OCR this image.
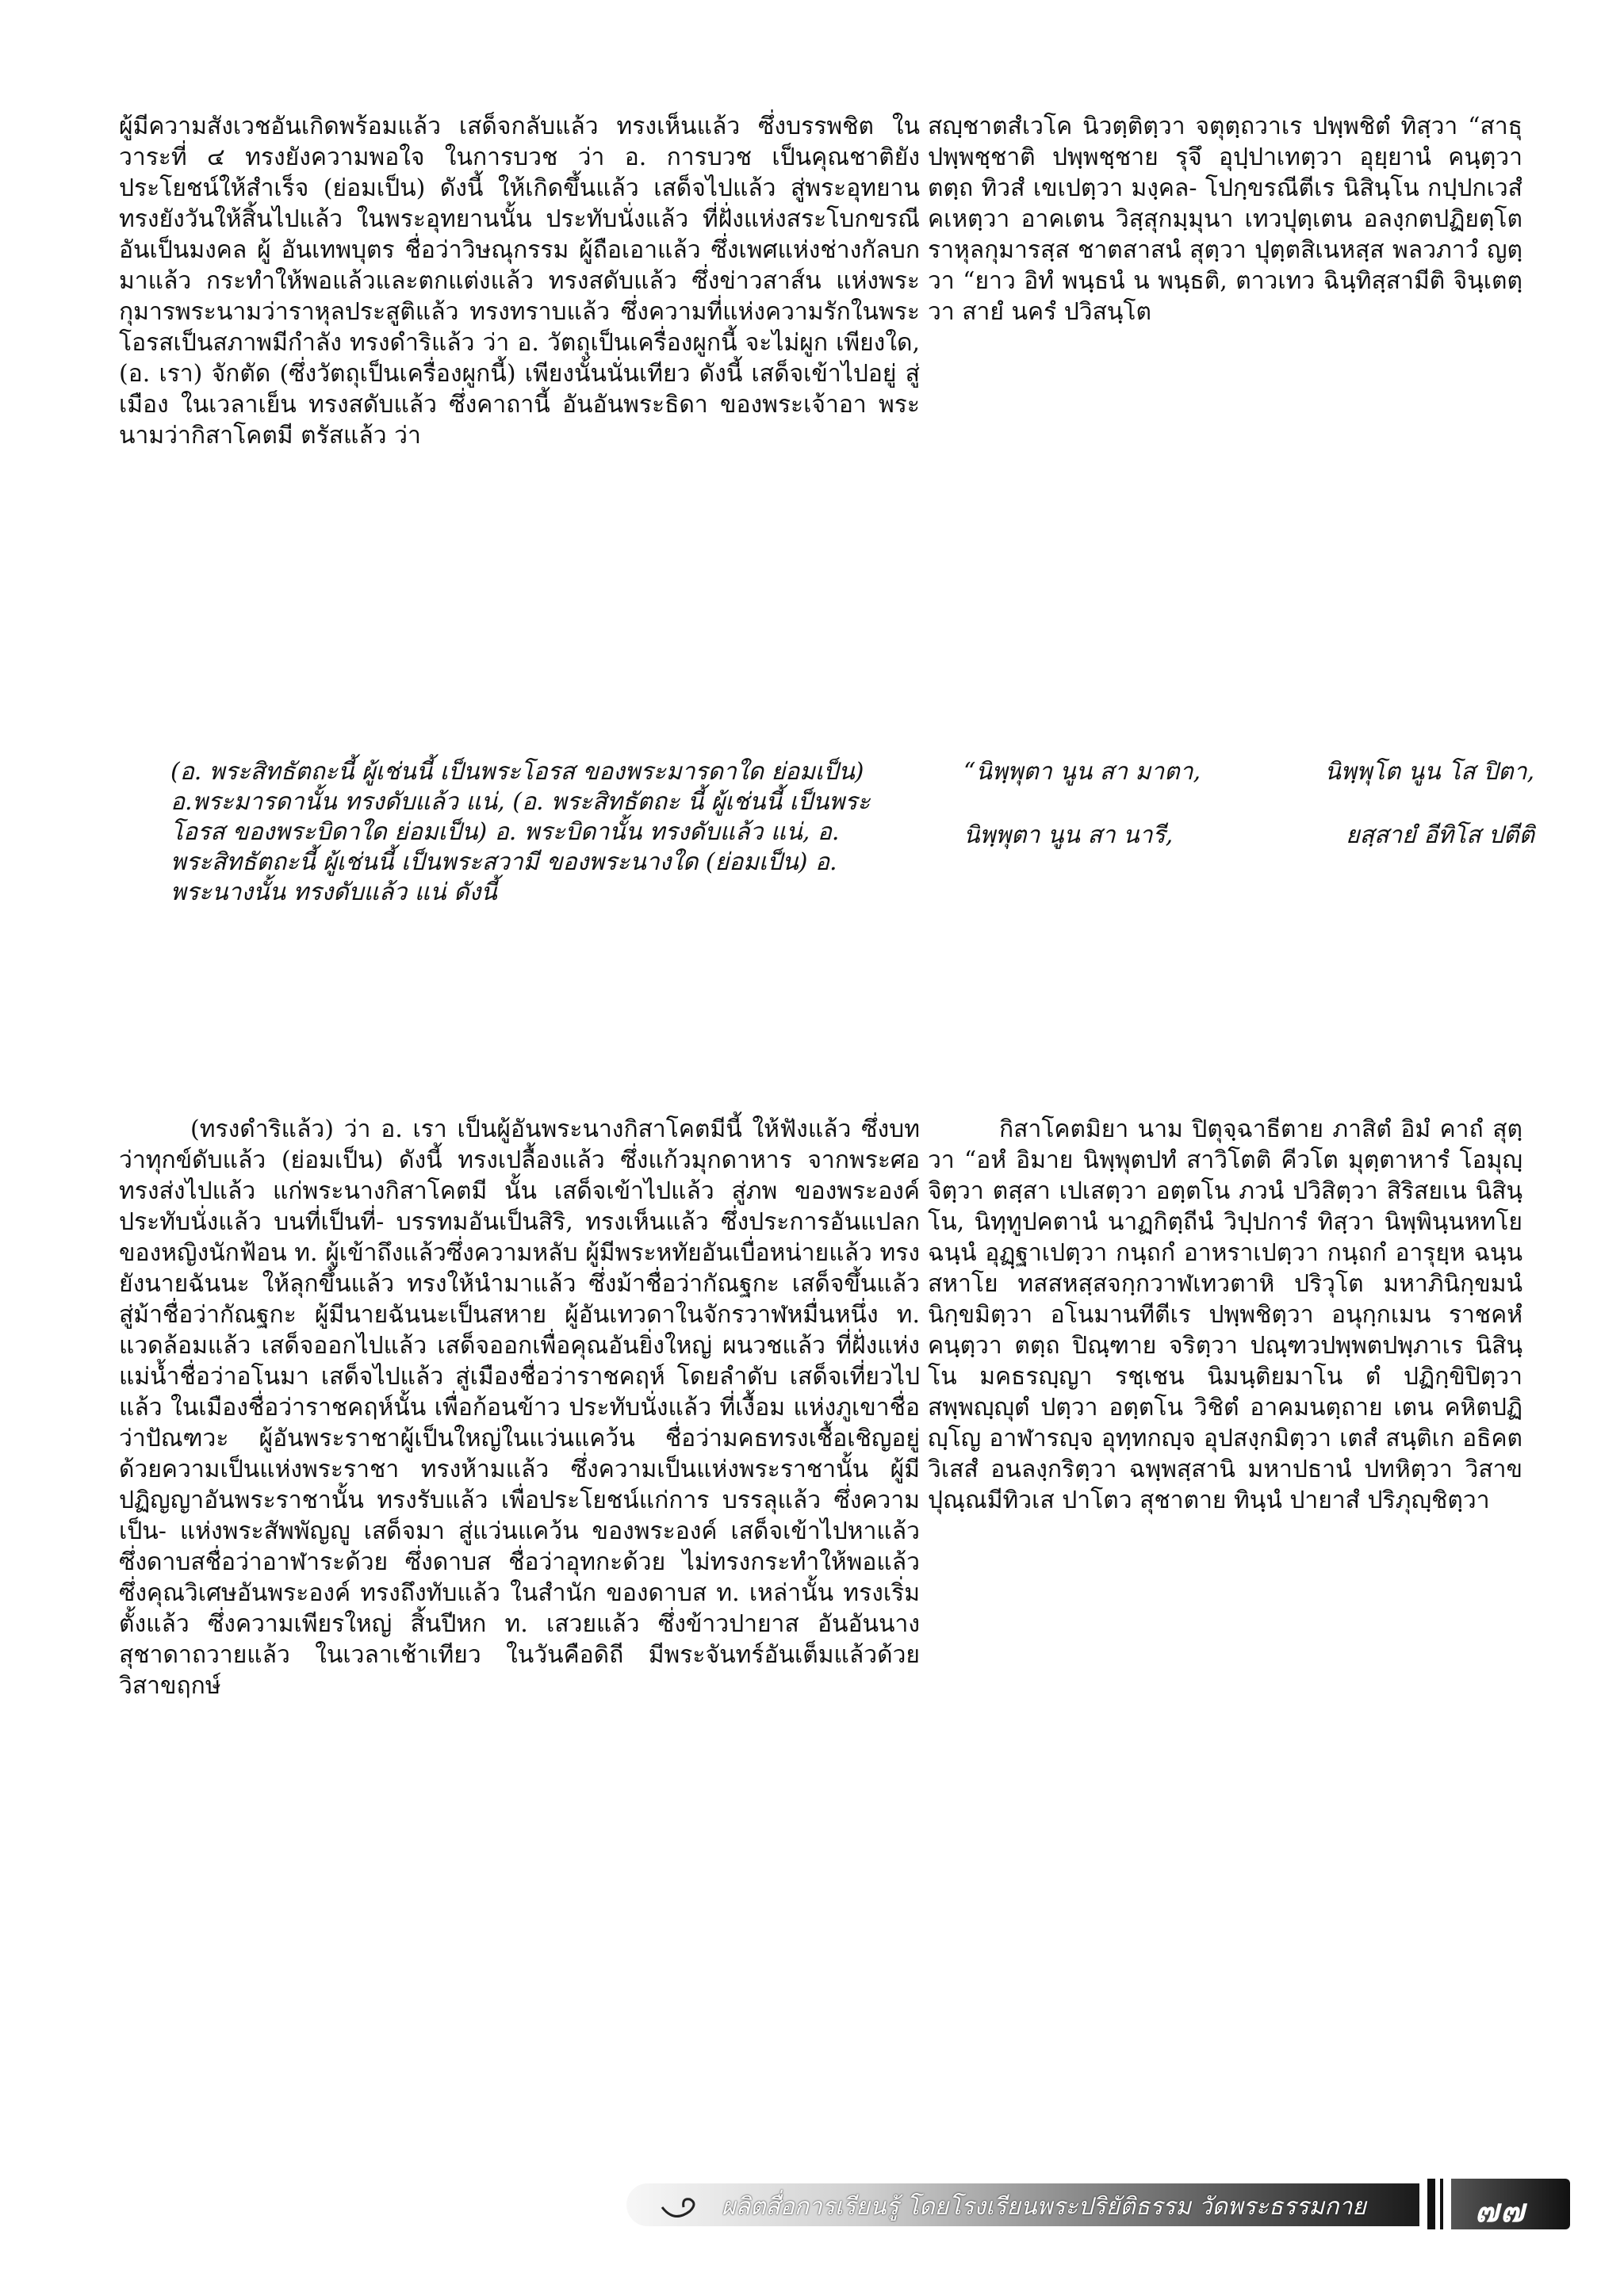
ผู้มีความสังเวชอันเกิดพร้อมแล้ว เสด็จกลับแล้ว ทรงเห็นแล้ว ซึ่งบรรพชิต ในวาระที่ ๔ ทรงยังความพอใจ ในการบวช ว่า อ. การบวช เป็นคุณชาติยังประโยชน์ให้สำเร็จ (ย่อมเป็น) ดังนี้ ให้เกิดขึ้นแล้ว เสด็จไปแล้ว สู่พระอุทยาน ทรงยังวันให้สิ้นไปแล้ว ในพระอุทยานนั้น ประทับนั่งแล้ว ที่ฝั่งแห่งสระโบกขรณีอันเป็นมงคล ผู้ อันเทพบุตร ชื่อว่าวิษณุกรรม ผู้ถือเอาแล้ว ซึ่งเพศแห่งช่างกัลบก มาแล้ว กระทำให้พอแล้วและตกแต่งแล้ว ทรงสดับแล้ว ซึ่งข่าวสาส์น แห่งพระกุมารพระนามว่าราหุลประสูติแล้ว ทรงทราบแล้ว ซึ่งความที่แห่งความรักในพระโอรสเป็นสภาพมีกำลัง ทรงดำริแล้ว ว่า อ. วัตถุเป็นเครื่องผูกนี้ จะไม่ผูก เพียงใด, (อ. เรา) จักตัด (ซึ่งวัตถุเป็นเครื่องผูกนี้) เพียงนั้นนั่นเทียว ดังนี้ เสด็จเข้าไปอยู่ สู่เมือง ในเวลาเย็น ทรงสดับแล้ว ซึ่งคาถานี้ อันอันพระธิดา ของพระเจ้าอา พระนามว่ากิสาโคตมี ตรัสแล้ว ว่า

สญฺชาตสํเวโค นิวตฺติตฺวา จตุตฺถวาเร ปพฺพชิตํ ทิสฺวา “สาธุ ปพฺพชฺชาติ ปพฺพชฺชาย รุจึ อุปฺปาเทตฺวา อุยฺยานํ คนฺตฺวา ตตฺถ ทิวสํ เขเปตฺวา มงฺคล- โปกฺขรณีตีเร นิสินฺโน กปฺปกเวสํ คเหตฺวา อาคเตน วิสฺสุกมฺมุนา เทวปุตฺเตน อลงฺกตปฏิยตฺโต ราหุลกุมารสฺส ชาตสาสนํ สุตฺวา ปุตฺตสิเนหสฺส พลวภาวํ ญตฺวา “ยาว อิทํ พนฺธนํ น พนฺธติ, ตาวเทว ฉินฺทิสฺสามีติ จินฺเตตฺวา สายํ นครํ ปวิสนฺโต

(อ. พระสิทธัตถะนี้ ผู้เช่นนี้ เป็นพระโอรส ของพระมารดาใด ย่อมเป็น) อ.พระมารดานั้น ทรงดับแล้ว แน่, (อ. พระสิทธัตถะ นี้ ผู้เช่นนี้ เป็นพระโอรส ของพระบิดาใด ย่อมเป็น) อ. พระบิดานั้น ทรงดับแล้ว แน่, อ. พระสิทธัตถะนี้ ผู้เช่นนี้ เป็นพระสวามี ของพระนางใด (ย่อมเป็น) อ. พระนางนั้น ทรงดับแล้ว แน่ ดังนี้

“นิพฺพุตา นูน สา มาตา,	นิพฺพุโต นูน โส ปิตา,
นิพฺพุตา นูน สา นารี,	ยสฺสายํ อีทิโส ปตีติ

(ทรงดำริแล้ว) ว่า อ. เรา เป็นผู้อันพระนางกิสาโคตมีนี้ ให้ฟังแล้ว ซึ่งบทว่าทุกข์ดับแล้ว (ย่อมเป็น) ดังนี้ ทรงเปลื้องแล้ว ซึ่งแก้วมุกดาหาร จากพระศอ ทรงส่งไปแล้ว แก่พระนางกิสาโคตมี นั้น เสด็จเข้าไปแล้ว สู่ภพ ของพระองค์ ประทับนั่งแล้ว บนที่เป็นที่- บรรทมอันเป็นสิริ, ทรงเห็นแล้ว ซึ่งประการอันแปลก ของหญิงนักฟ้อน ท. ผู้เข้าถึงแล้วซึ่งความหลับ ผู้มีพระหทัยอันเบื่อหน่ายแล้ว ทรงยังนายฉันนะ ให้ลุกขึ้นแล้ว ทรงให้นำมาแล้ว ซึ่งม้าชื่อว่ากัณฐกะ เสด็จขึ้นแล้ว สู่ม้าชื่อว่ากัณฐกะ ผู้มีนายฉันนะเป็นสหาย ผู้อันเทวดาในจักรวาฬหมื่นหนึ่ง ท. แวดล้อมแล้ว เสด็จออกไปแล้ว เสด็จออกเพื่อคุณอันยิ่งใหญ่ ผนวชแล้ว ที่ฝั่งแห่งแม่น้ำชื่อว่าอโนมา เสด็จไปแล้ว สู่เมืองชื่อว่าราชคฤห์ โดยลำดับ เสด็จเที่ยวไปแล้ว ในเมืองชื่อว่าราชคฤห์นั้น เพื่อก้อนข้าว ประทับนั่งแล้ว ที่เงื้อม แห่งภูเขาชื่อว่าปัณฑวะ ผู้อันพระราชาผู้เป็นใหญ่ในแว่นแคว้น ชื่อว่ามคธทรงเชื้อเชิญอยู่ ด้วยความเป็นแห่งพระราชา ทรงห้ามแล้ว ซึ่งความเป็นแห่งพระราชานั้น ผู้มีปฏิญญาอันพระราชานั้น ทรงรับแล้ว เพื่อประโยชน์แก่การ บรรลุแล้ว ซึ่งความเป็น- แห่งพระสัพพัญญู เสด็จมา สู่แว่นแคว้น ของพระองค์ เสด็จเข้าไปหาแล้ว ซึ่งดาบสชื่อว่าอาฬาระด้วย ซึ่งดาบส ชื่อว่าอุทกะด้วย ไม่ทรงกระทำให้พอแล้ว ซึ่งคุณวิเศษอันพระองค์ ทรงถึงทับแล้ว ในสำนัก ของดาบส ท. เหล่านั้น ทรงเริ่มตั้งแล้ว ซึ่งความเพียรใหญ่ สิ้นปีหก ท. เสวยแล้ว ซึ่งข้าวปายาส อันอันนางสุชาดาถวายแล้ว ในเวลาเช้าเทียว ในวันคือดิถี มีพระจันทร์อันเต็มแล้วด้วยวิสาขฤกษ์

กิสาโคตมิยา นาม ปิตุจฺฉาธีตาย ภาสิตํ อิมํ คาถํ สุตฺวา “อหํ อิมาย นิพฺพุตปทํ สาวิโตติ คีวโต มุตฺตาหารํ โอมุญฺจิตฺวา ตสฺสา เปเสตฺวา อตฺตโน ภวนํ ปวิสิตฺวา สิริสยเน นิสินฺโน, นิทฺทูปคตานํ นาฏกิตฺถีนํ วิปฺปการํ ทิสฺวา นิพฺพินฺนหทโย ฉนฺนํ อุฏฺฐาเปตฺวา กนฺถกํ อาหราเปตฺวา กนฺถกํ อารุยฺห ฉนฺนสหาโย ทสสหสฺสจกฺกวาฬเทวตาหิ ปริวุโต มหาภินิกฺขมนํ นิกฺขมิตฺวา อโนมานทีตีเร ปพฺพชิตฺวา อนุกฺกเมน ราชคหํ คนฺตฺวา ตตฺถ ปิณฺฑาย จริตฺวา ปณฺฑวปพฺพตปพฺภาเร นิสินฺโน มคธรญฺญา รชฺเชน นิมนฺติยมาโน ตํ ปฏิกฺขิปิตฺวา สพฺพญฺญุตํ ปตฺวา อตฺตโน วิชิตํ อาคมนตฺถาย เตน คหิตปฏิญฺโญ อาฬารญฺจ อุทฺทกญฺจ อุปสงฺกมิตฺวา เตสํ สนฺติเก อธิคตวิเสสํ อนลงฺกริตฺวา ฉพฺพสฺสานิ มหาปธานํ ปทหิตฺวา วิสาขปุณฺณมีทิวเส ปาโตว สุชาตาย ทินฺนํ ปายาสํ ปริภุญฺชิตฺวา

ผลิตสื่อการเรียนรู้ โดยโรงเรียนพระปริยัติธรรม วัดพระธรรมกาย	๗๗
